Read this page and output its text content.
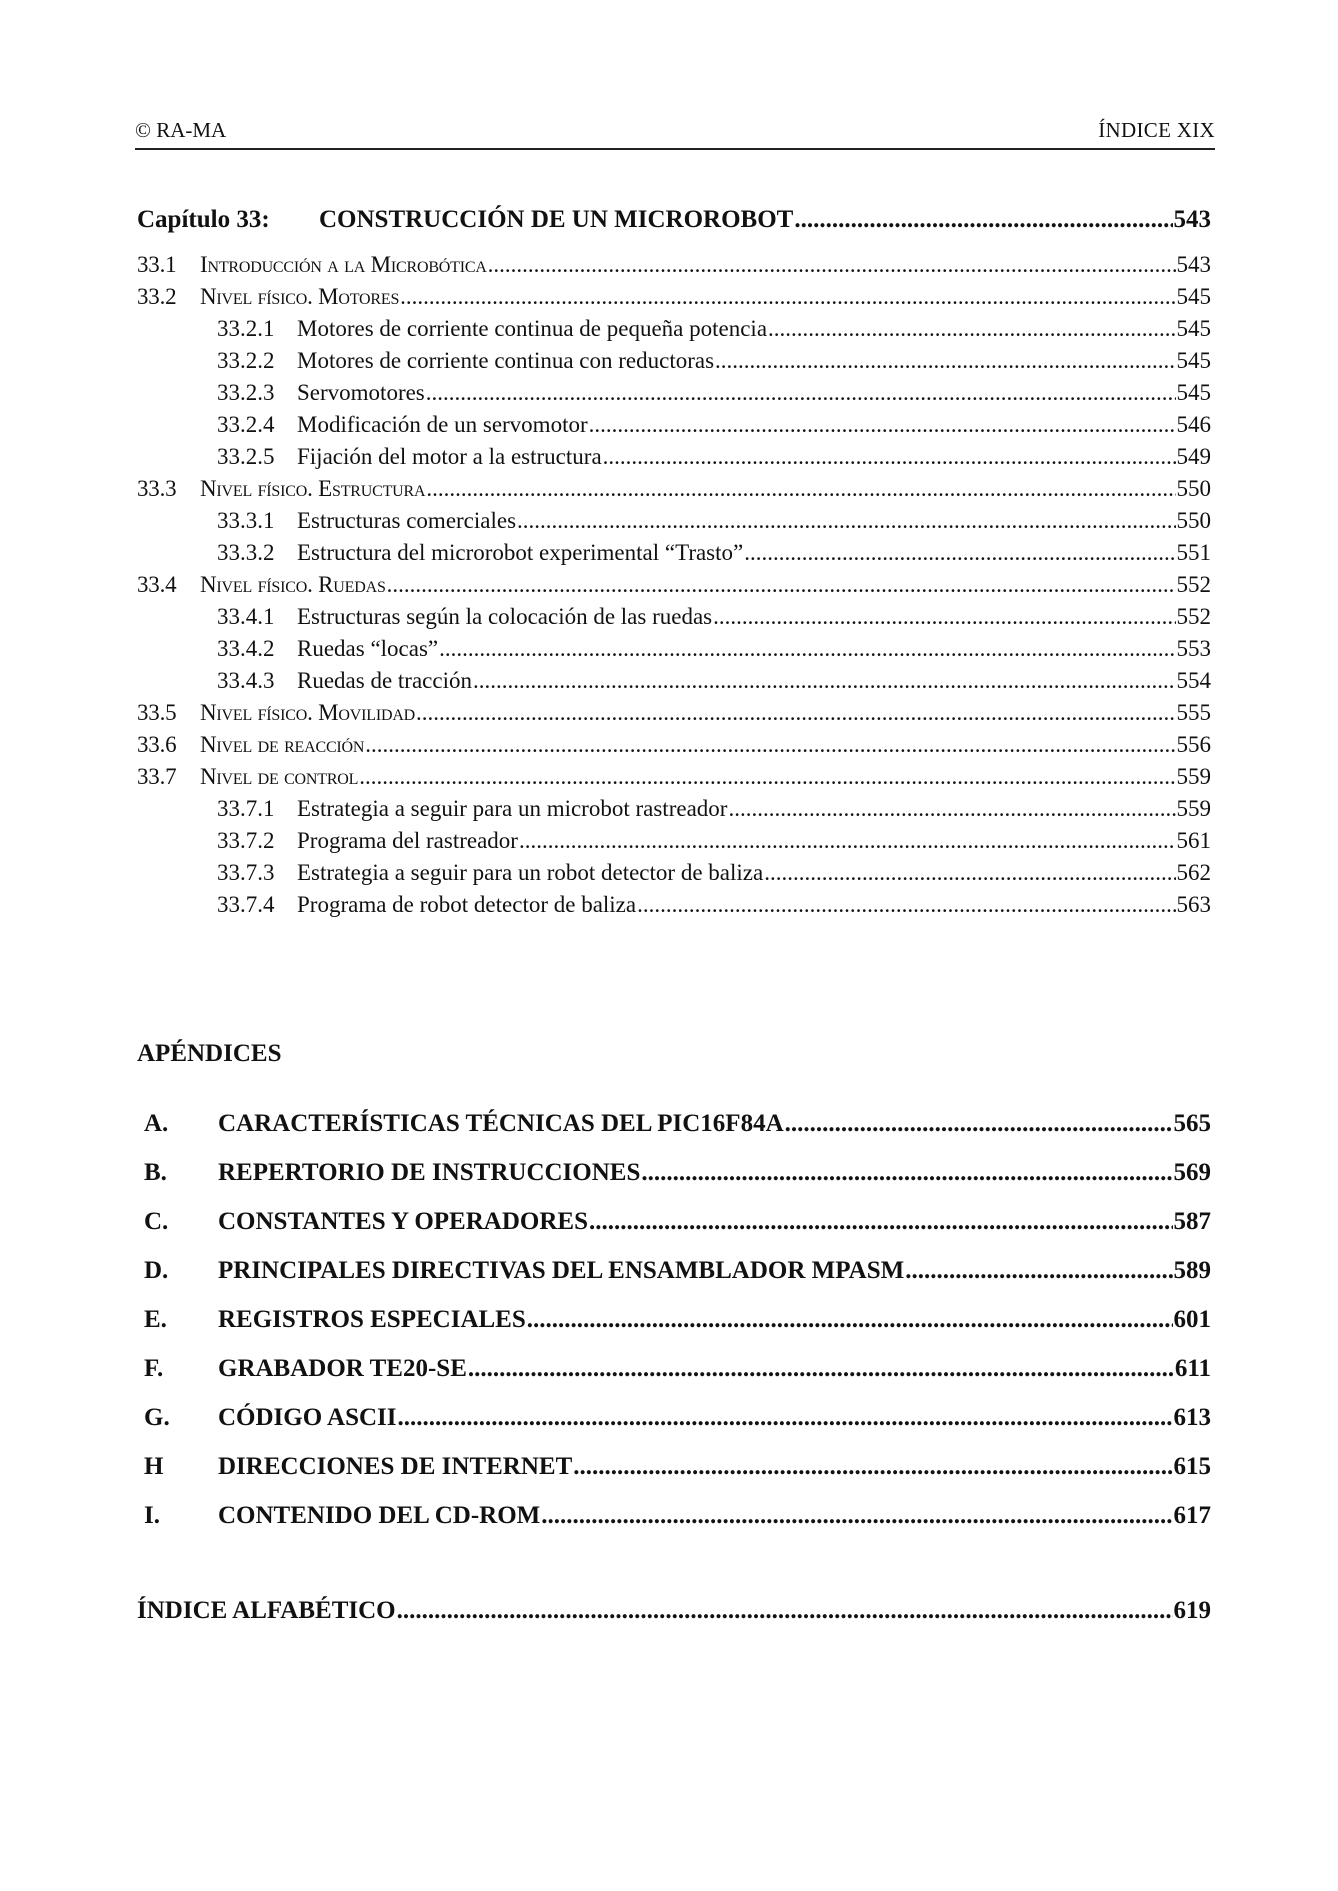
© RA-MA	ÍNDICE XIX
Capítulo 33: CONSTRUCCIÓN DE UN MICROROBOT .....	543
33.1 Introducción a la Microbótica .....	543
33.2 Nivel físico. Motores .....	545
33.2.1 Motores de corriente continua de pequeña potencia .....	545
33.2.2 Motores de corriente continua con reductoras .....	545
33.2.3 Servomotores .....	545
33.2.4 Modificación de un servomotor .....	546
33.2.5 Fijación del motor a la estructura .....	549
33.3 Nivel físico. Estructura .....	550
33.3.1 Estructuras comerciales .....	550
33.3.2 Estructura del microrobot experimental “Trasto” .....	551
33.4 Nivel físico. Ruedas .....	552
33.4.1 Estructuras según la colocación de las ruedas .....	552
33.4.2 Ruedas “locas” .....	553
33.4.3 Ruedas de tracción .....	554
33.5 Nivel físico. Movilidad .....	555
33.6 Nivel de reacción .....	556
33.7 Nivel de control .....	559
33.7.1 Estrategia a seguir para un microbot rastreador .....	559
33.7.2 Programa del rastreador .....	561
33.7.3 Estrategia a seguir para un robot detector de baliza .....	562
33.7.4 Programa de robot detector de baliza .....	563
APÉNDICES
A. CARACTERÍSTICAS TÉCNICAS DEL PIC16F84A .....	565
B. REPERTORIO DE INSTRUCCIONES .....	569
C. CONSTANTES Y OPERADORES .....	587
D. PRINCIPALES DIRECTIVAS DEL ENSAMBLADOR MPASM .....	589
E. REGISTROS ESPECIALES .....	601
F. GRABADOR TE20-SE .....	611
G. CÓDIGO ASCII .....	613
H DIRECCIONES DE INTERNET .....	615
I. CONTENIDO DEL CD-ROM .....	617
ÍNDICE ALFABÉTICO .....	619
